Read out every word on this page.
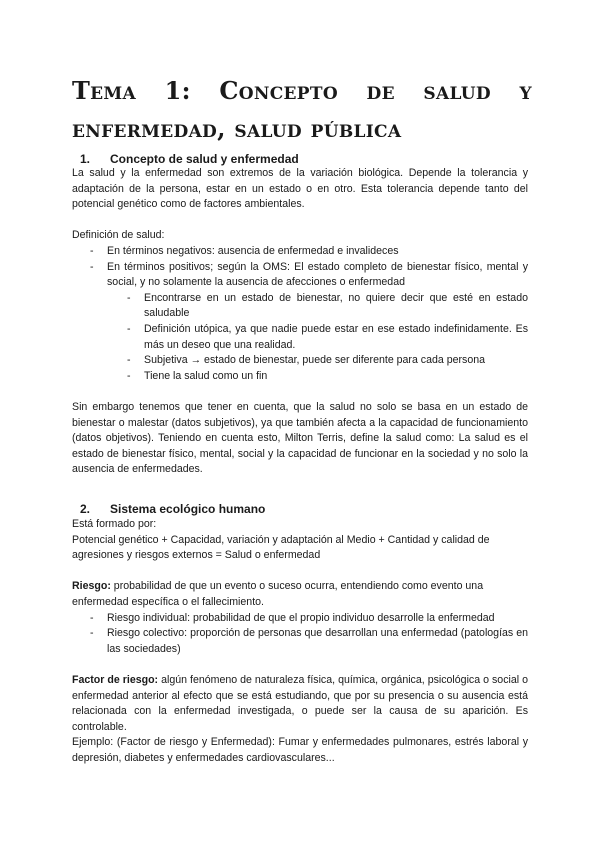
Tema 1: Concepto de salud y
enfermedad, salud pública
1. Concepto de salud y enfermedad

La salud y la enfermedad son extremos de la variación biológica. Depende la tolerancia y adaptación de la persona, estar en un estado o en otro. Esta tolerancia depende tanto del potencial genético como de factores ambientales.

Definición de salud:

- En términos negativos: ausencia de enfermedad e invalideces
- En términos positivos; según la OMS: El estado completo de bienestar físico, mental y social, y no solamente la ausencia de afecciones o enfermedad
- Encontrarse en un estado de bienestar, no quiere decir que esté en estado saludable
- Definición utópica, ya que nadie puede estar en ese estado indefinidamente. Es más un deseo que una realidad.
- Subjetiva → estado de bienestar, puede ser diferente para cada persona
- Tiene la salud como un fin

Sin embargo tenemos que tener en cuenta, que la salud no solo se basa en un estado de bienestar o malestar (datos subjetivos), ya que también afecta a la capacidad de funcionamiento (datos objetivos). Teniendo en cuenta esto, Milton Terris, define la salud como: La salud es el estado de bienestar físico, mental, social y la capacidad de funcionar en la sociedad y no solo la ausencia de enfermedades.

2. Sistema ecológico humano

Está formado por:

Potencial genético + Capacidad, variación y adaptación al Medio + Cantidad y calidad de agresiones y riesgos externos = Salud o enfermedad

Riesgo: probabilidad de que un evento o suceso ocurra, entendiendo como evento una enfermedad específica o el fallecimiento.

- Riesgo individual: probabilidad de que el propio individuo desarrolle la enfermedad
- Riesgo colectivo: proporción de personas que desarrollan una enfermedad (patologías en las sociedades)

Factor de riesgo: algún fenómeno de naturaleza física, química, orgánica, psicológica o social o enfermedad anterior al efecto que se está estudiando, que por su presencia o su ausencia está relacionada con la enfermedad investigada, o puede ser la causa de su aparición. Es controlable.

Ejemplo: (Factor de riesgo y Enfermedad): Fumar y enfermedades pulmonares, estrés laboral y depresión, diabetes y enfermedades cardiovasculares...
